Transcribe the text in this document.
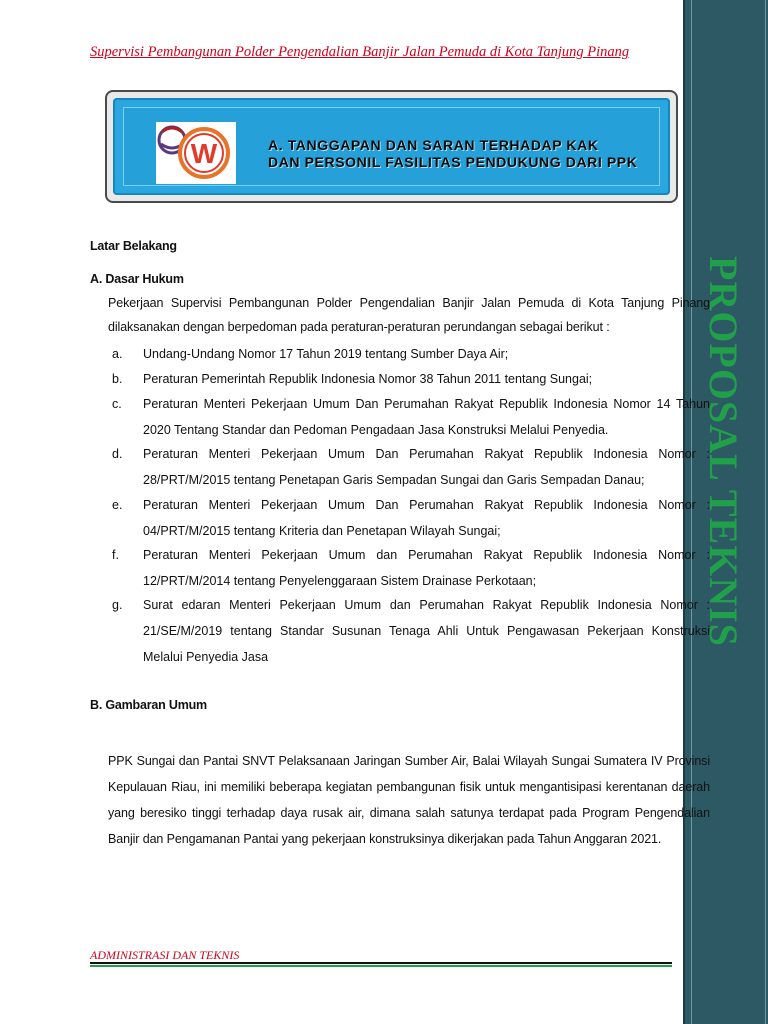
PROPOSAL TEKNIS
Supervisi Pembangunan Polder Pengendalian Banjir Jalan Pemuda di Kota Tanjung Pinang
W	A. TANGGAPAN DAN SARAN TERHADAP KAK
DAN PERSONIL FASILITAS PENDUKUNG DARI PPK
Latar Belakang
A. Dasar Hukum
Pekerjaan Supervisi Pembangunan Polder Pengendalian Banjir Jalan Pemuda di Kota Tanjung Pinang dilaksanakan dengan berpedoman pada peraturan-peraturan perundangan sebagai berikut :
a.	Undang-Undang Nomor 17 Tahun 2019 tentang Sumber Daya Air;
b.	Peraturan Pemerintah Republik Indonesia Nomor 38 Tahun 2011 tentang Sungai;
c.	Peraturan Menteri Pekerjaan Umum Dan Perumahan Rakyat Republik Indonesia Nomor 14 Tahun 2020 Tentang Standar dan Pedoman Pengadaan Jasa Konstruksi Melalui Penyedia.
d.	Peraturan Menteri Pekerjaan Umum Dan Perumahan Rakyat Republik Indonesia Nomor : 28/PRT/M/2015 tentang Penetapan Garis Sempadan Sungai dan Garis Sempadan Danau;
e.	Peraturan Menteri Pekerjaan Umum Dan Perumahan Rakyat Republik Indonesia Nomor : 04/PRT/M/2015 tentang Kriteria dan Penetapan Wilayah Sungai;
f.	Peraturan Menteri Pekerjaan Umum dan Perumahan Rakyat Republik Indonesia Nomor : 12/PRT/M/2014 tentang Penyelenggaraan Sistem Drainase Perkotaan;
g.	Surat edaran Menteri Pekerjaan Umum dan Perumahan Rakyat Republik Indonesia Nomor : 21/SE/M/2019 tentang Standar Susunan Tenaga Ahli Untuk Pengawasan Pekerjaan Konstruksi Melalui Penyedia Jasa
B. Gambaran Umum
PPK Sungai dan Pantai SNVT Pelaksanaan Jaringan Sumber Air, Balai Wilayah Sungai Sumatera IV Provinsi Kepulauan Riau, ini memiliki beberapa kegiatan pembangunan fisik untuk mengantisipasi kerentanan daerah yang beresiko tinggi terhadap daya rusak air, dimana salah satunya terdapat pada Program Pengendalian Banjir dan Pengamanan Pantai yang pekerjaan konstruksinya dikerjakan pada Tahun Anggaran 2021.
ADMINISTRASI DAN TEKNIS
